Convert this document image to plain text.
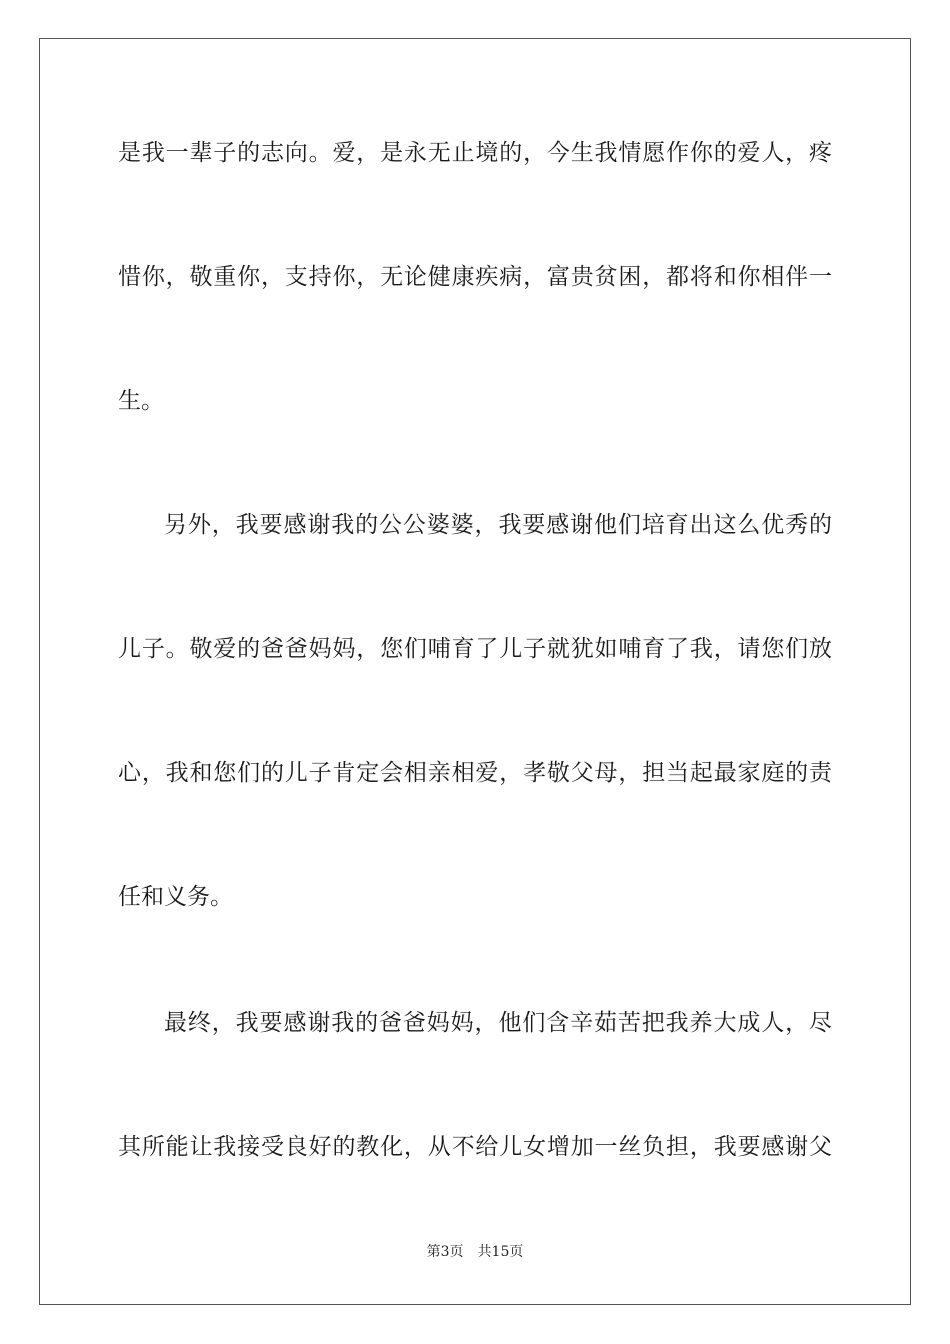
是我一辈子的志向。爱，是永无止境的，今生我情愿作你的爱人，疼
惜你，敬重你，支持你，无论健康疾病，富贵贫困，都将和你相伴一
生。
另外，我要感谢我的公公婆婆，我要感谢他们培育出这么优秀的
儿子。敬爱的爸爸妈妈，您们哺育了儿子就犹如哺育了我，请您们放
心，我和您们的儿子肯定会相亲相爱，孝敬父母，担当起最家庭的责
任和义务。
最终，我要感谢我的爸爸妈妈，他们含辛茹苦把我养大成人，尽
其所能让我接受良好的教化，从不给儿女增加一丝负担，我要感谢父
第3页 共15页
